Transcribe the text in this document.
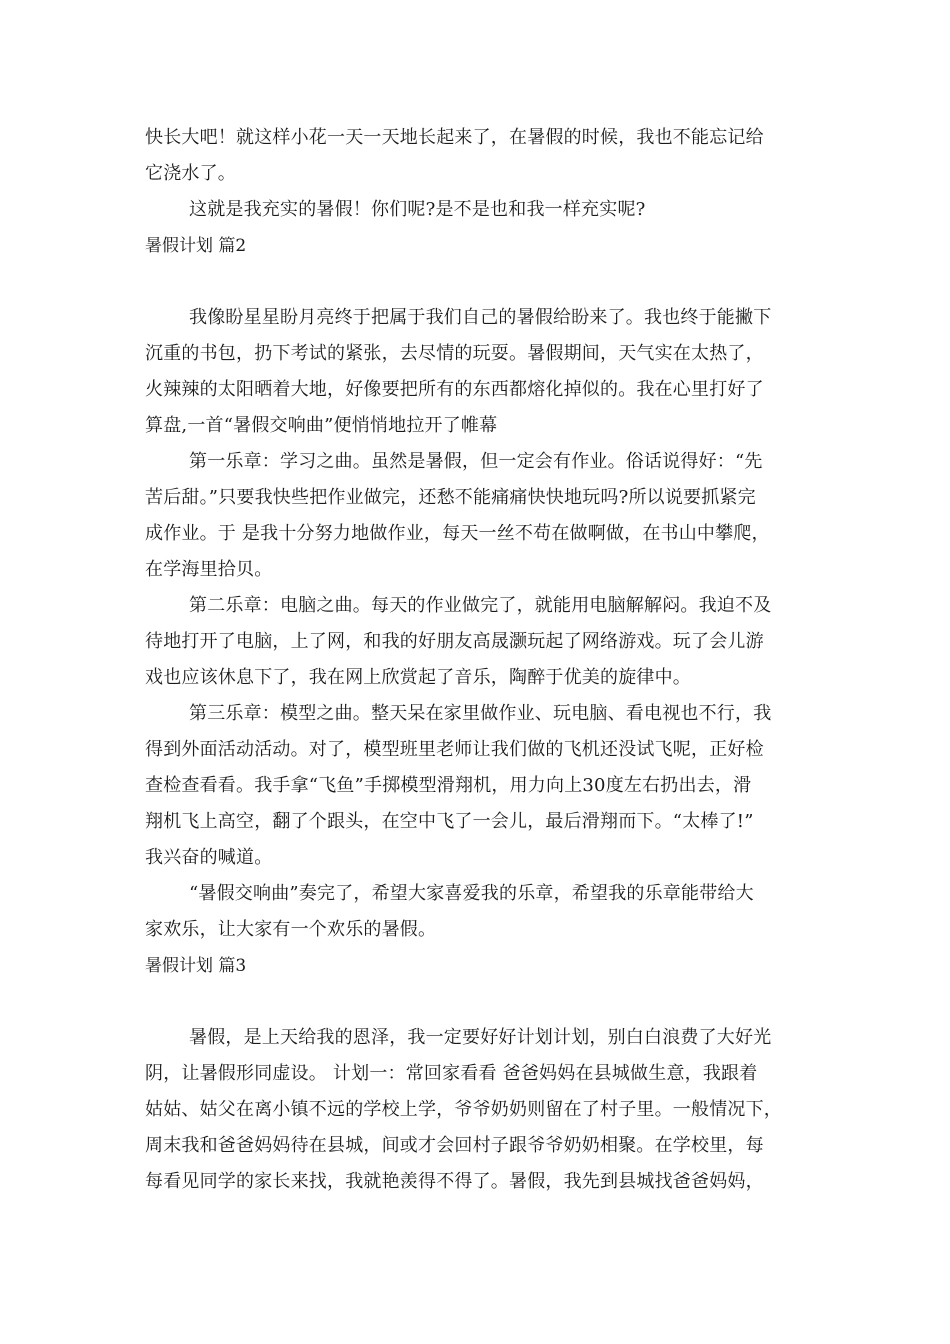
快长大吧！就这样小花一天一天地长起来了，在暑假的时候，我也不能忘记给
它浇水了。
这就是我充实的暑假！你们呢?是不是也和我一样充实呢?
暑假计划 篇2
我像盼星星盼月亮终于把属于我们自己的暑假给盼来了。我也终于能撇下
沉重的书包，扔下考试的紧张，去尽情的玩耍。暑假期间，天气实在太热了，
火辣辣的太阳晒着大地，好像要把所有的东西都熔化掉似的。我在心里打好了
算盘,一首“暑假交响曲”便悄悄地拉开了帷幕
第一乐章：学习之曲。虽然是暑假，但一定会有作业。俗话说得好：“先
苦后甜。”只要我快些把作业做完，还愁不能痛痛快快地玩吗?所以说要抓紧完
成作业。于 是我十分努力地做作业，每天一丝不苟在做啊做，在书山中攀爬，
在学海里拾贝。
第二乐章：电脑之曲。每天的作业做完了，就能用电脑解解闷。我迫不及
待地打开了电脑，上了网，和我的好朋友高晟灏玩起了网络游戏。玩了会儿游
戏也应该休息下了，我在网上欣赏起了音乐，陶醉于优美的旋律中。
第三乐章：模型之曲。整天呆在家里做作业、玩电脑、看电视也不行，我
得到外面活动活动。对了，模型班里老师让我们做的飞机还没试飞呢，正好检
查检查看看。我手拿“飞鱼”手掷模型滑翔机，用力向上30度左右扔出去，滑
翔机飞上高空，翻了个跟头，在空中飞了一会儿，最后滑翔而下。“太棒了!”
我兴奋的喊道。
“暑假交响曲”奏完了，希望大家喜爱我的乐章，希望我的乐章能带给大
家欢乐，让大家有一个欢乐的暑假。
暑假计划 篇3
暑假，是上天给我的恩泽，我一定要好好计划计划，别白白浪费了大好光
阴，让暑假形同虚设。 计划一：常回家看看 爸爸妈妈在县城做生意，我跟着
姑姑、姑父在离小镇不远的学校上学，爷爷奶奶则留在了村子里。一般情况下，
周末我和爸爸妈妈待在县城，间或才会回村子跟爷爷奶奶相聚。在学校里，每
每看见同学的家长来找，我就艳羡得不得了。暑假，我先到县城找爸爸妈妈，
